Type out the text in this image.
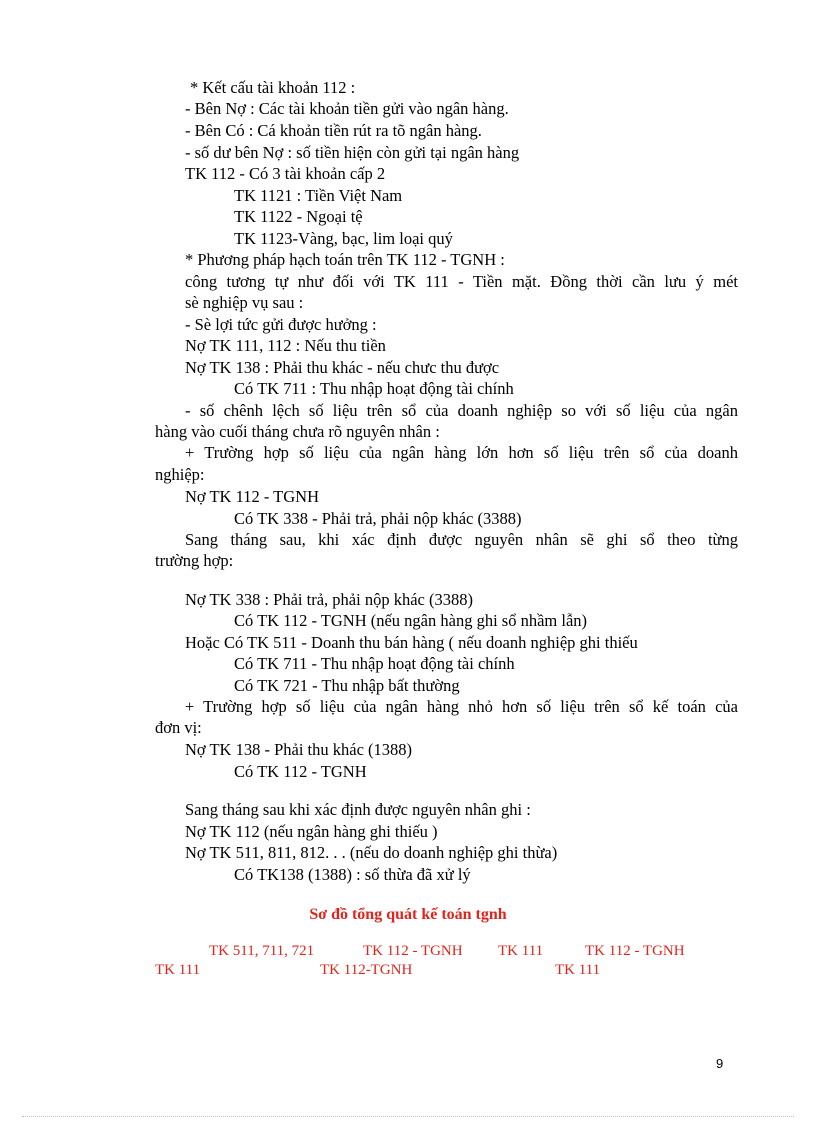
* Kết cấu tài khoản 112 :
- Bên Nợ : Các tài khoản tiền gửi vào ngân hàng.
- Bên Có : Cá khoản tiền rút ra tõ ngân hàng.
- số dư bên Nợ : số tiền hiện còn gửi tại ngân hàng
TK 112 - Có 3 tài khoản cấp 2
TK 1121 : Tiền Việt Nam
TK 1122 - Ngoại tệ
TK 1123-Vàng, bạc, lim loại quý
* Phương pháp hạch toán trên TK 112 - TGNH :
công tương tự như đối với TK 111 - Tiền mặt. Đồng thời cần lưu ý mét
sè nghiệp vụ sau :
- Sè lợi tức gửi được hưởng :
Nợ TK 111, 112 : Nếu thu tiền
Nợ TK 138 : Phải thu khác - nếu chưc thu được
Có TK 711 : Thu nhập hoạt động tài chính
- số chênh lệch số liệu trên sổ của doanh nghiệp so với số liệu của ngân
hàng vào cuối tháng chưa rõ nguyên nhân :
+ Trường hợp số liệu của ngân hàng lớn hơn số liệu trên sổ của doanh
nghiệp:
Nợ TK 112 - TGNH
Có TK 338 - Phải trả, phải nộp khác (3388)
Sang tháng sau, khi xác định được nguyên nhân sẽ ghi sổ theo từng
trường hợp:
Nợ TK 338 : Phải trả, phải nộp khác (3388)
Có TK 112 - TGNH (nếu ngân hàng ghi sổ nhầm lẫn)
Hoặc Có TK 511 - Doanh thu bán hàng ( nếu doanh nghiệp ghi thiếu
Có TK 711 - Thu nhập hoạt động tài chính
Có TK 721 - Thu nhập bất thường
+ Trường hợp số liệu của ngân hàng nhỏ hơn số liệu trên sổ kế toán của
đơn vị:
Nợ TK 138 - Phải thu khác (1388)
Có TK 112 - TGNH
Sang tháng sau khi xác định được nguyên nhân ghi :
Nợ TK 112 (nếu ngân hàng ghi thiếu )
Nợ TK 511, 811, 812. . . (nếu do doanh nghiệp ghi thừa)
Có TK138 (1388) : số thừa đã xử lý
Sơ đồ tổng quát kế toán tgnh
TK 511, 711, 721	TK 112 - TGNH TK 111	TK 112 - TGNH
TK 111	TK 112-TGNH	TK 111
9
